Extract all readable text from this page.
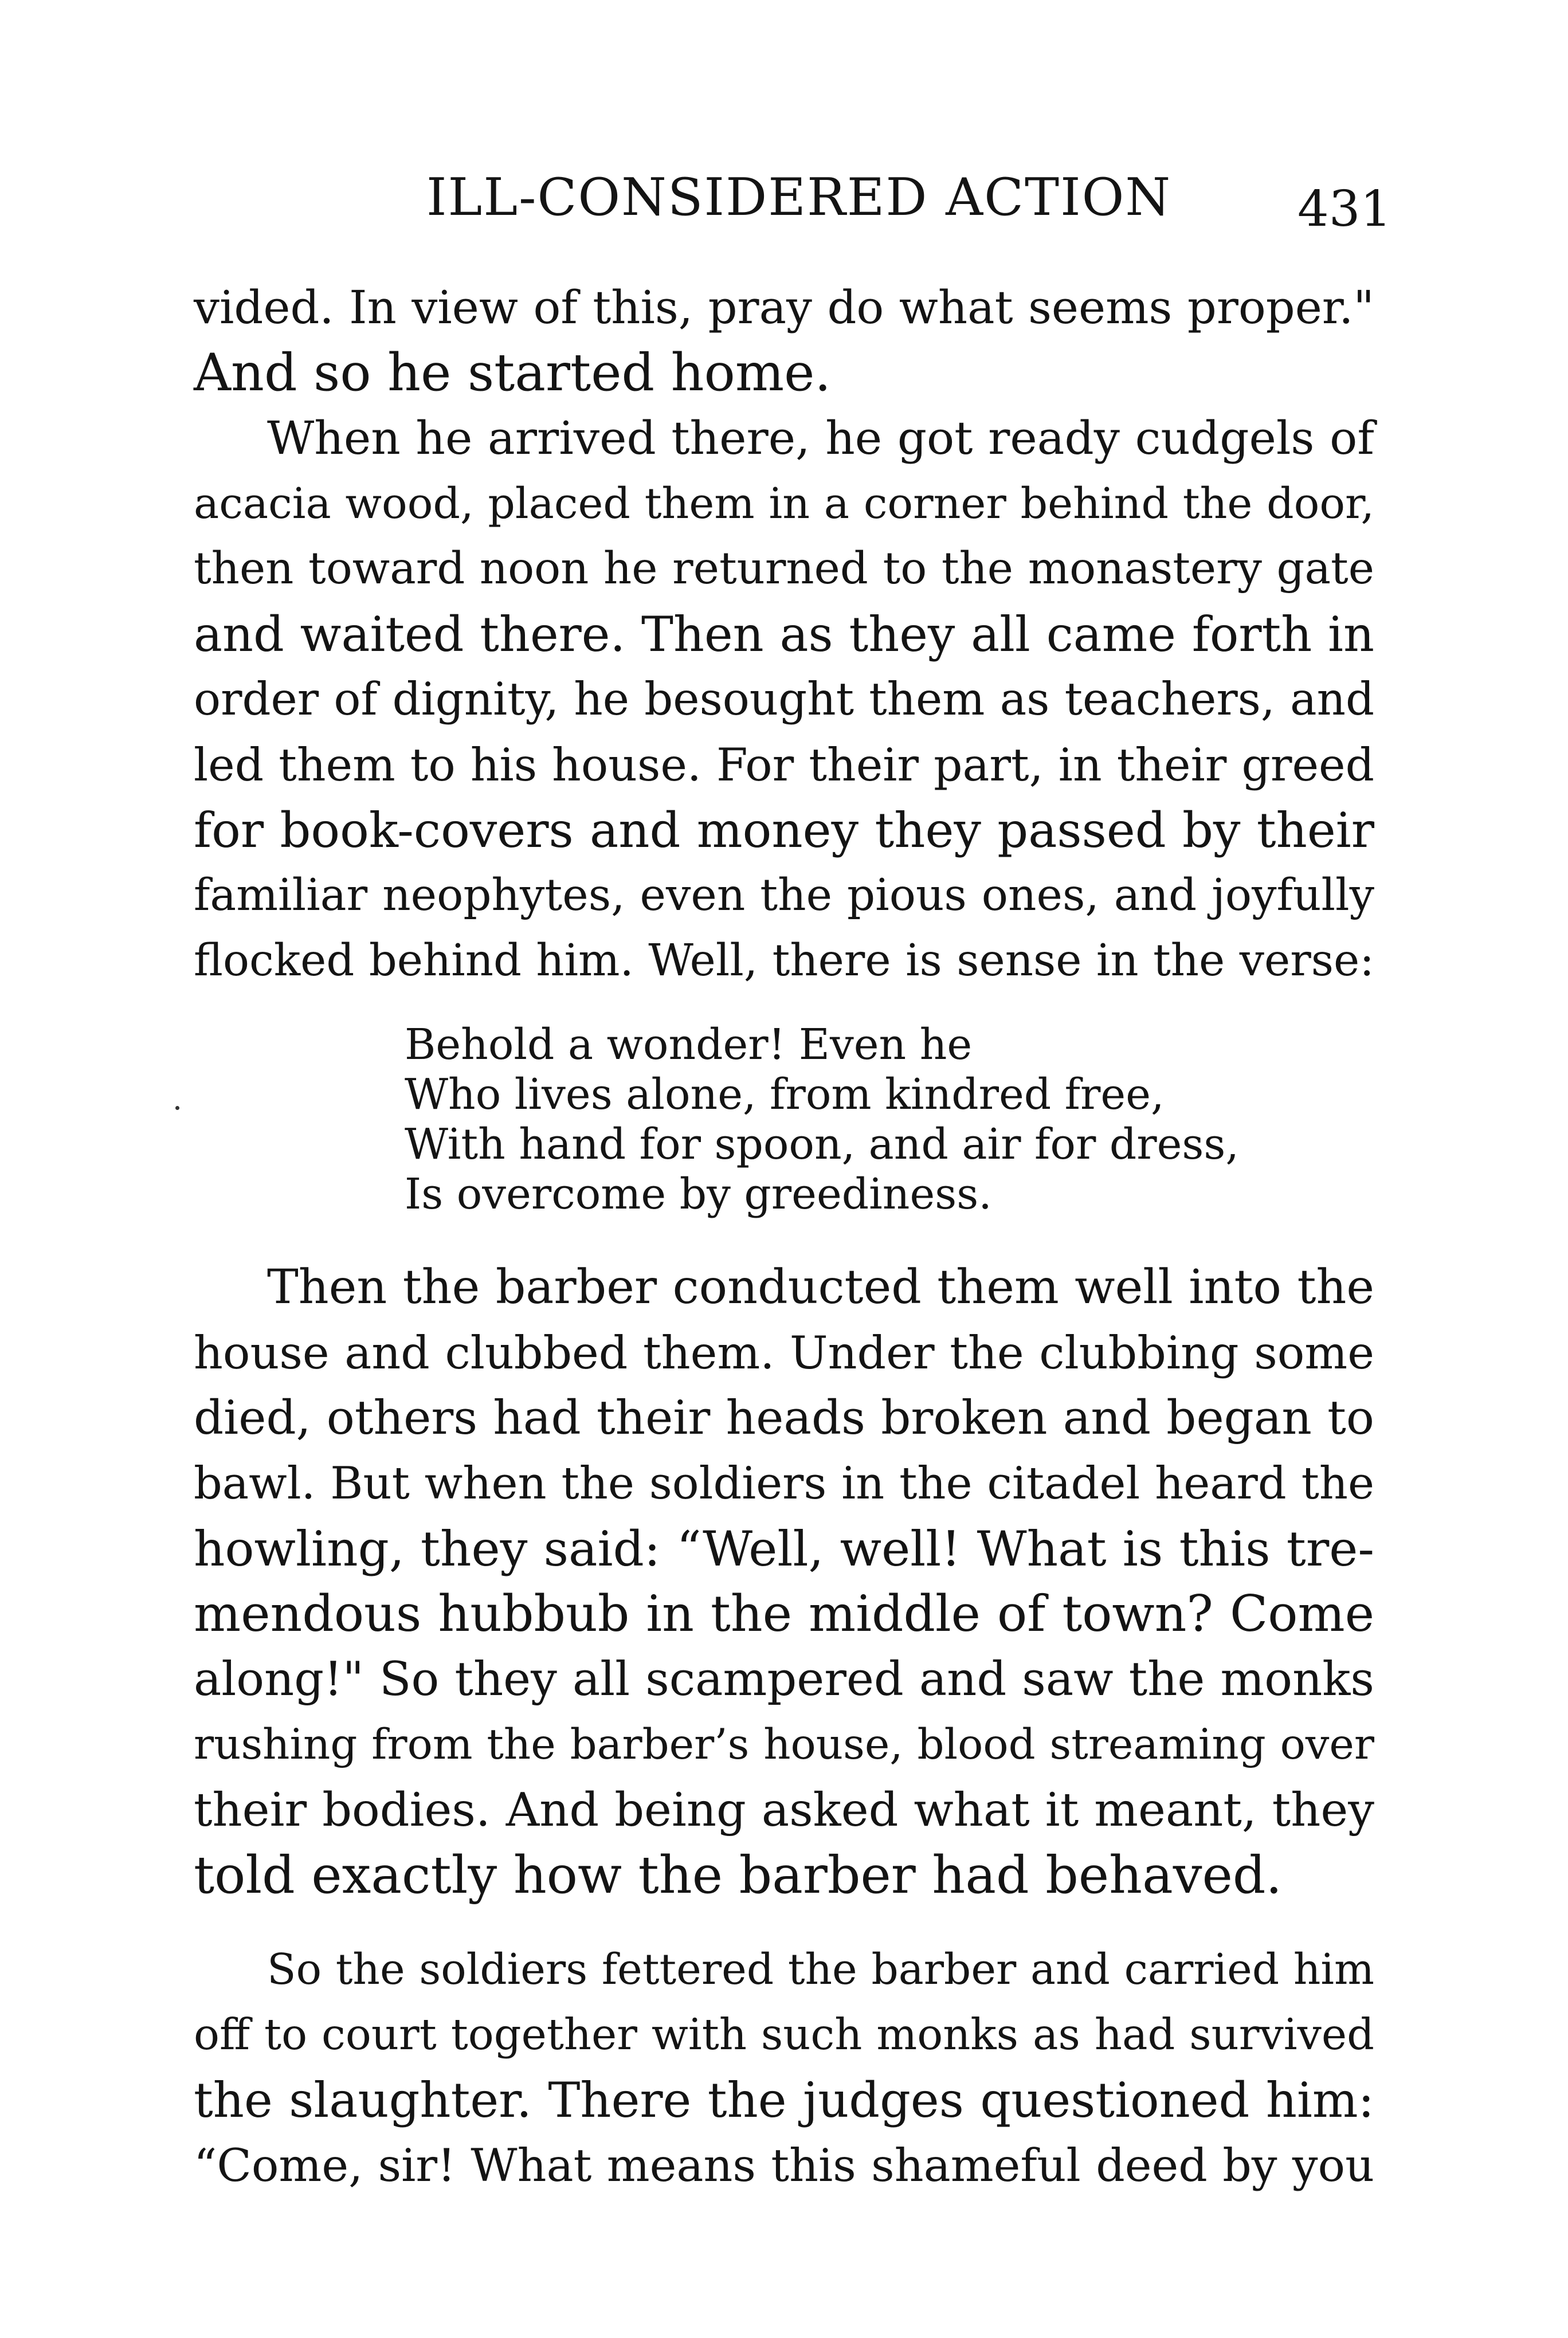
ILL-CONSIDERED ACTION	431
vided. In view of this, pray do what seems proper."
And so he started home.
When he arrived there, he got ready cudgels of
acacia wood, placed them in a corner behind the door,
then toward noon he returned to the monastery gate
and waited there. Then as they all came forth in
order of dignity, he besought them as teachers, and
led them to his house. For their part, in their greed
for book-covers and money they passed by their
familiar neophytes, even the pious ones, and joyfully
flocked behind him. Well, there is sense in the verse:
Behold a wonder! Even he
Who lives alone, from kindred free,
With hand for spoon, and air for dress,
Is overcome by greediness.
Then the barber conducted them well into the
house and clubbed them. Under the clubbing some
died, others had their heads broken and began to
bawl. But when the soldiers in the citadel heard the
howling, they said: “Well, well! What is this tre-
mendous hubbub in the middle of town? Come
along!" So they all scampered and saw the monks
rushing from the barber’s house, blood streaming over
their bodies. And being asked what it meant, they
told exactly how the barber had behaved.
So the soldiers fettered the barber and carried him
off to court together with such monks as had survived
the slaughter. There the judges questioned him:
“Come, sir! What means this shameful deed by you
